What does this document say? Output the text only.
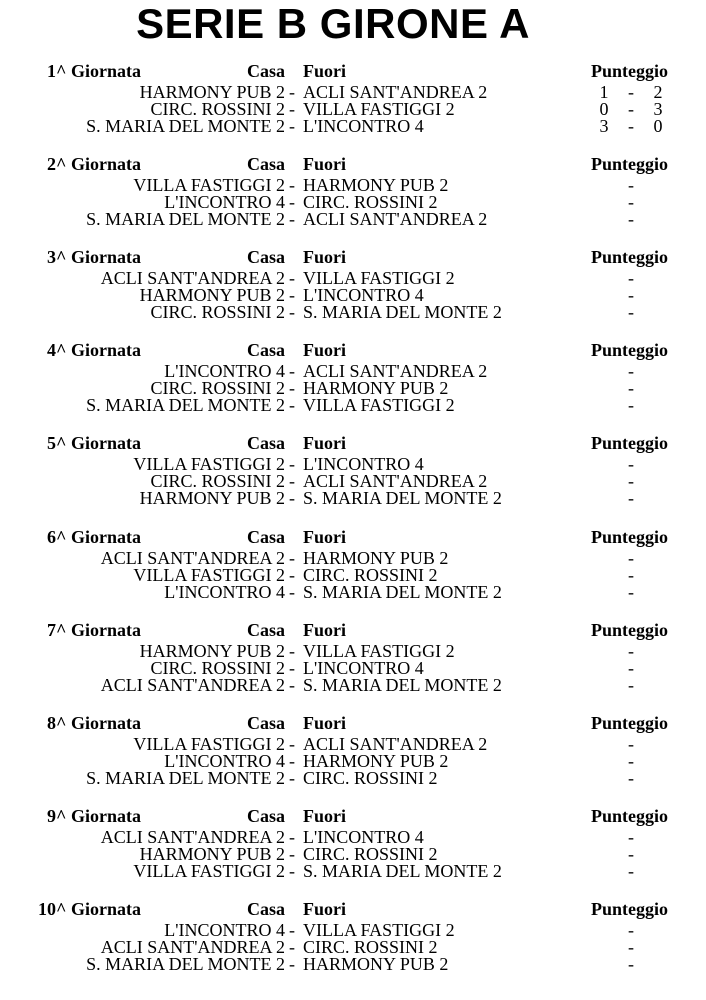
SERIE B GIRONE A
1^ Giornata	Casa Fuori	Punteggio
HARMONY PUB 2 - ACLI SANT'ANDREA 2	1 - 2
CIRC. ROSSINI 2 - VILLA FASTIGGI 2	0 - 3
S. MARIA DEL MONTE 2 - L'INCONTRO 4	3 - 0
2^ Giornata	Casa Fuori	Punteggio
VILLA FASTIGGI 2 - HARMONY PUB 2	-
L'INCONTRO 4 - CIRC. ROSSINI 2	-
S. MARIA DEL MONTE 2 - ACLI SANT'ANDREA 2	-
3^ Giornata	Casa Fuori	Punteggio
ACLI SANT'ANDREA 2 - VILLA FASTIGGI 2	-
HARMONY PUB 2 - L'INCONTRO 4	-
CIRC. ROSSINI 2 - S. MARIA DEL MONTE 2	-
4^ Giornata	Casa Fuori	Punteggio
L'INCONTRO 4 - ACLI SANT'ANDREA 2	-
CIRC. ROSSINI 2 - HARMONY PUB 2	-
S. MARIA DEL MONTE 2 - VILLA FASTIGGI 2	-
5^ Giornata	Casa Fuori	Punteggio
VILLA FASTIGGI 2 - L'INCONTRO 4	-
CIRC. ROSSINI 2 - ACLI SANT'ANDREA 2	-
HARMONY PUB 2 - S. MARIA DEL MONTE 2	-
6^ Giornata	Casa Fuori	Punteggio
ACLI SANT'ANDREA 2 - HARMONY PUB 2	-
VILLA FASTIGGI 2 - CIRC. ROSSINI 2	-
L'INCONTRO 4 - S. MARIA DEL MONTE 2	-
7^ Giornata	Casa Fuori	Punteggio
HARMONY PUB 2 - VILLA FASTIGGI 2	-
CIRC. ROSSINI 2 - L'INCONTRO 4	-
ACLI SANT'ANDREA 2 - S. MARIA DEL MONTE 2	-
8^ Giornata	Casa Fuori	Punteggio
VILLA FASTIGGI 2 - ACLI SANT'ANDREA 2	-
L'INCONTRO 4 - HARMONY PUB 2	-
S. MARIA DEL MONTE 2 - CIRC. ROSSINI 2	-
9^ Giornata	Casa Fuori	Punteggio
ACLI SANT'ANDREA 2 - L'INCONTRO 4	-
HARMONY PUB 2 - CIRC. ROSSINI 2	-
VILLA FASTIGGI 2 - S. MARIA DEL MONTE 2	-
10^ Giornata	Casa Fuori	Punteggio
L'INCONTRO 4 - VILLA FASTIGGI 2	-
ACLI SANT'ANDREA 2 - CIRC. ROSSINI 2	-
S. MARIA DEL MONTE 2 - HARMONY PUB 2	-
